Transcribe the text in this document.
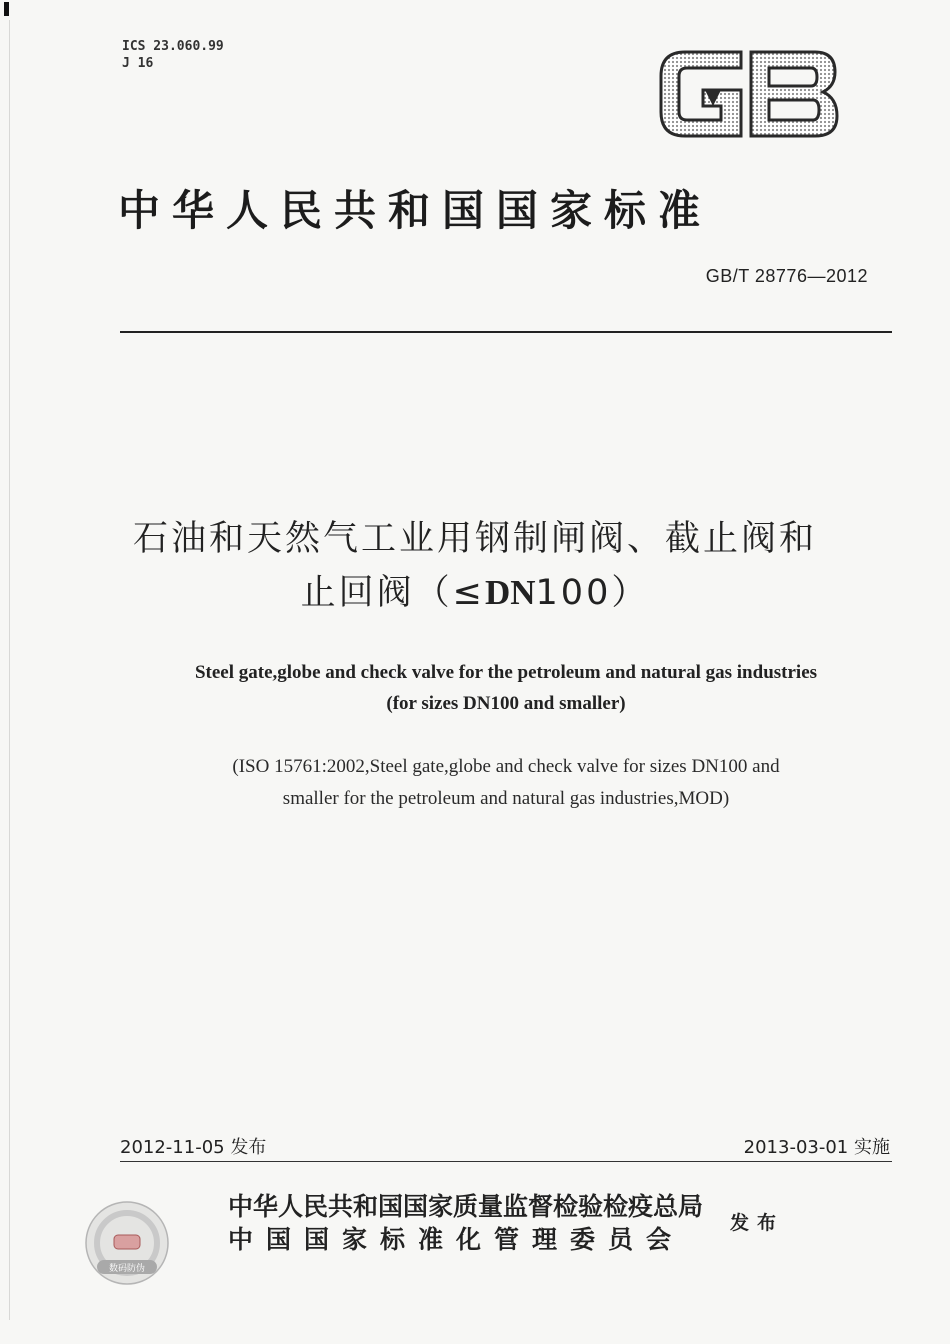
ICS 23.060.99
J 16
中华人民共和国国家标准
GB/T 28776—2012
石油和天然气工业用钢制闸阀、截止阀和
止回阀（≤DN100）
Steel gate,globe and check valve for the petroleum and natural gas industries
(for sizes DN100 and smaller)
(ISO 15761:2002,Steel gate,globe and check valve for sizes DN100 and
smaller for the petroleum and natural gas industries,MOD)
2012-11-05 发布	2013-03-01 实施
数码防伪
中华人民共和国国家质量监督检验检疫总局
中国国家标准化管理委员会
发布
